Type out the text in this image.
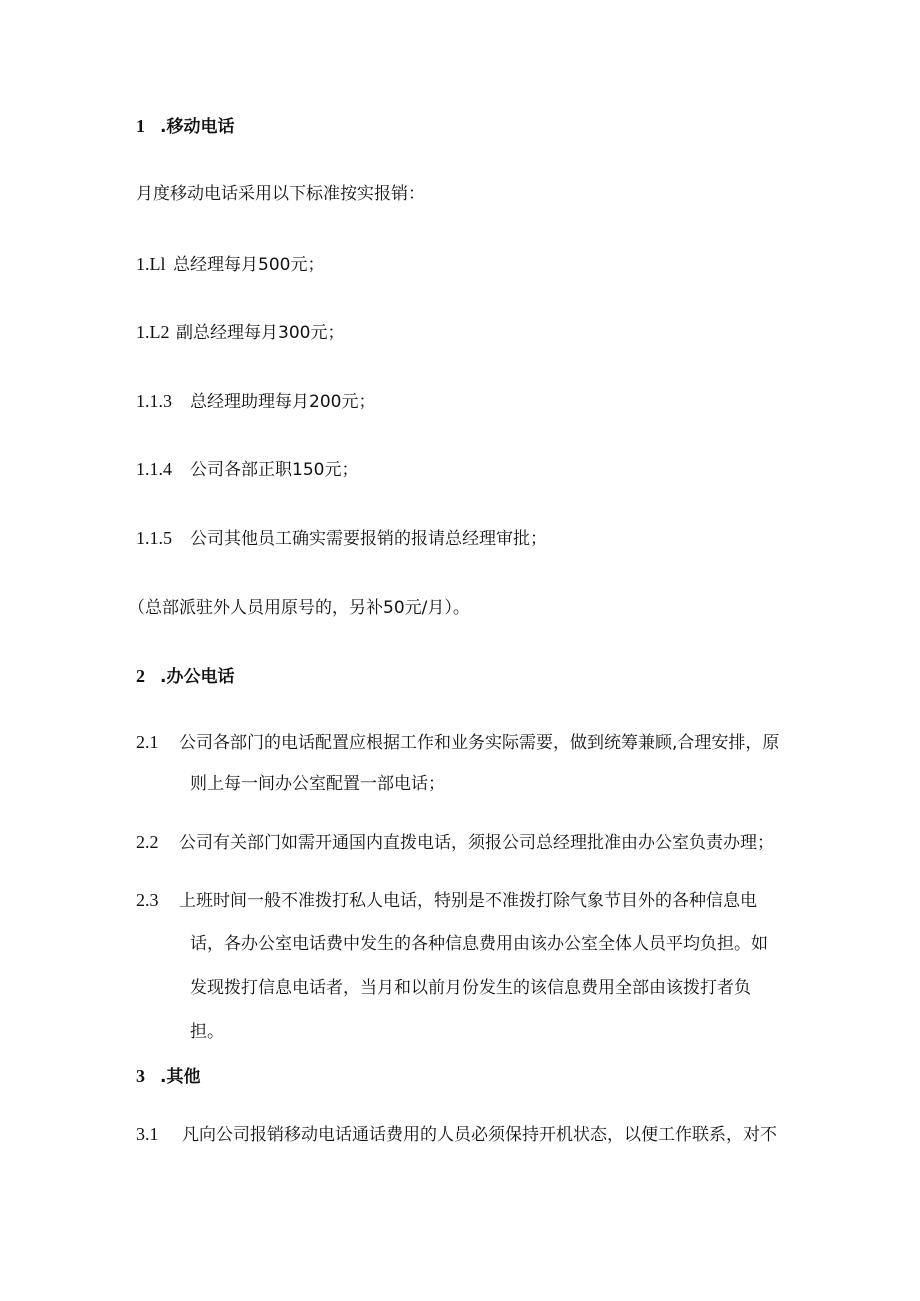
1 .移动电话
月度移动电话采用以下标准按实报销：
1.Ll 总经理每月500元；
1.L2 副总经理每月300元；
1.1.3 总经理助理每月200元；
1.1.4 公司各部正职150元；
1.1.5 公司其他员工确实需要报销的报请总经理审批；
（总部派驻外人员用原号的，另补50元/月）。
2 .办公电话
2.1 公司各部门的电话配置应根据工作和业务实际需要，做到统筹兼顾,合理安排，原
则上每一间办公室配置一部电话；
2.2 公司有关部门如需开通国内直拨电话，须报公司总经理批准由办公室负责办理；
2.3 上班时间一般不准拨打私人电话，特别是不准拨打除气象节目外的各种信息电
话，各办公室电话费中发生的各种信息费用由该办公室全体人员平均负担。如
发现拨打信息电话者，当月和以前月份发生的该信息费用全部由该拨打者负
担。
3 .其他
3.1 凡向公司报销移动电话通话费用的人员必须保持开机状态，以便工作联系，对不
